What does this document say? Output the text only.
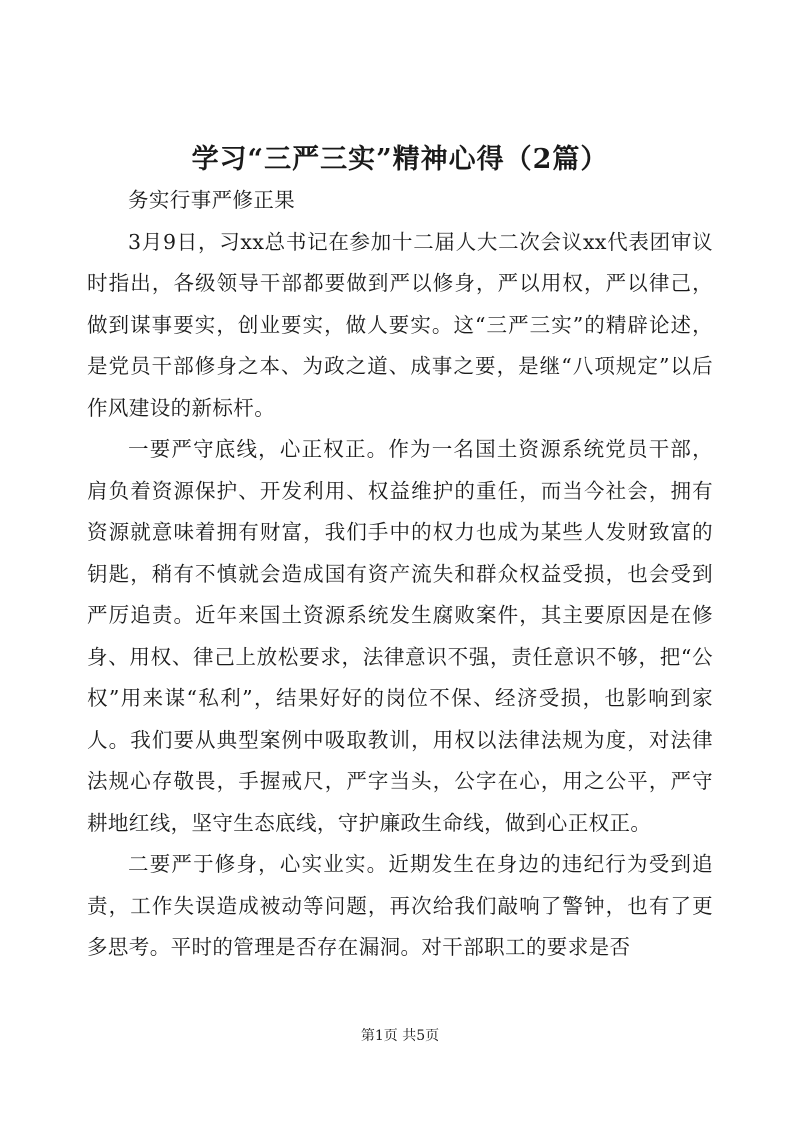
学习“三严三实”精神心得（2篇）

务实行事严修正果

3月9日，习xx总书记在参加十二届人大二次会议xx代表团审议时指出，各级领导干部都要做到严以修身，严以用权，严以律己，做到谋事要实，创业要实，做人要实。这“三严三实”的精辟论述，是党员干部修身之本、为政之道、成事之要，是继“八项规定”以后作风建设的新标杆。

一要严守底线，心正权正。作为一名国土资源系统党员干部，肩负着资源保护、开发利用、权益维护的重任，而当今社会，拥有资源就意味着拥有财富，我们手中的权力也成为某些人发财致富的钥匙，稍有不慎就会造成国有资产流失和群众权益受损，也会受到严厉追责。近年来国土资源系统发生腐败案件，其主要原因是在修身、用权、律己上放松要求，法律意识不强，责任意识不够，把“公权”用来谋“私利”，结果好好的岗位不保、经济受损，也影响到家人。我们要从典型案例中吸取教训，用权以法律法规为度，对法律法规心存敬畏，手握戒尺，严字当头，公字在心，用之公平，严守耕地红线，坚守生态底线，守护廉政生命线，做到心正权正。

二要严于修身，心实业实。近期发生在身边的违纪行为受到追责，工作失误造成被动等问题，再次给我们敲响了警钟，也有了更多思考。平时的管理是否存在漏洞。对干部职工的要求是否

第1页 共5页
